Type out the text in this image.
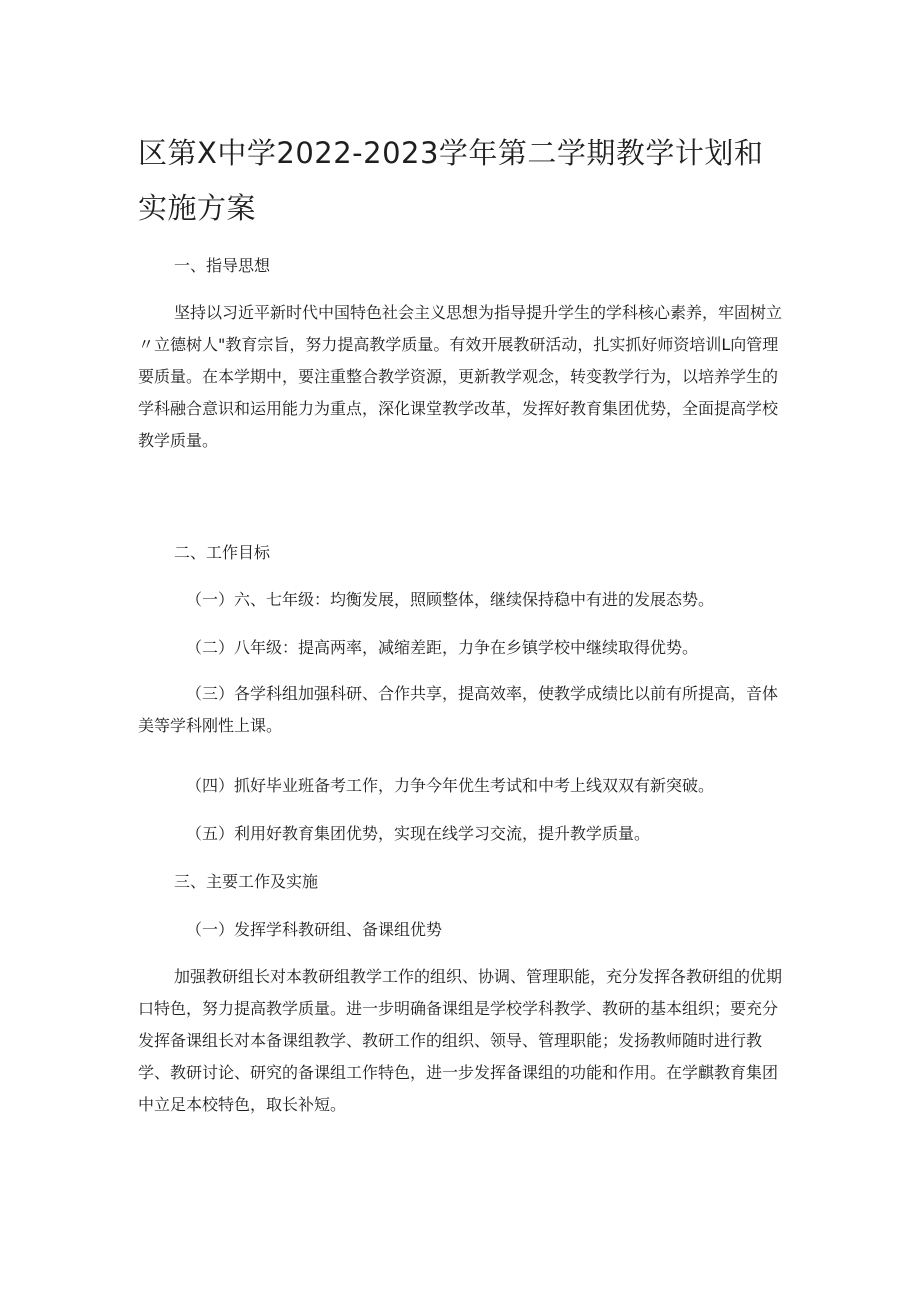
区第X中学2022-2023学年第二学期教学计划和实施方案

一、指导思想

坚持以习近平新时代中国特色社会主义思想为指导提升学生的学科核心素养，牢固树立〃立德树人"教育宗旨，努力提高教学质量。有效开展教研活动，扎实抓好师资培训L向管理要质量。在本学期中，要注重整合教学资源，更新教学观念，转变教学行为，以培养学生的学科融合意识和运用能力为重点，深化课堂教学改革，发挥好教育集团优势，全面提高学校教学质量。

二、工作目标

（一）六、七年级：均衡发展，照顾整体，继续保持稳中有进的发展态势。

（二）八年级：提高两率，减缩差距，力争在乡镇学校中继续取得优势。

（三）各学科组加强科研、合作共享，提高效率，使教学成绩比以前有所提高，音体美等学科刚性上课。

（四）抓好毕业班备考工作，力争今年优生考试和中考上线双双有新突破。

（五）利用好教育集团优势，实现在线学习交流，提升教学质量。

三、主要工作及实施

（一）发挥学科教研组、备课组优势

加强教研组长对本教研组教学工作的组织、协调、管理职能，充分发挥各教研组的优期口特色，努力提高教学质量。进一步明确备课组是学校学科教学、教研的基本组织；要充分发挥备课组长对本备课组教学、教研工作的组织、领导、管理职能；发扬教师随时进行教学、教研讨论、研究的备课组工作特色，进一步发挥备课组的功能和作用。在学麒教育集团中立足本校特色，取长补短。
